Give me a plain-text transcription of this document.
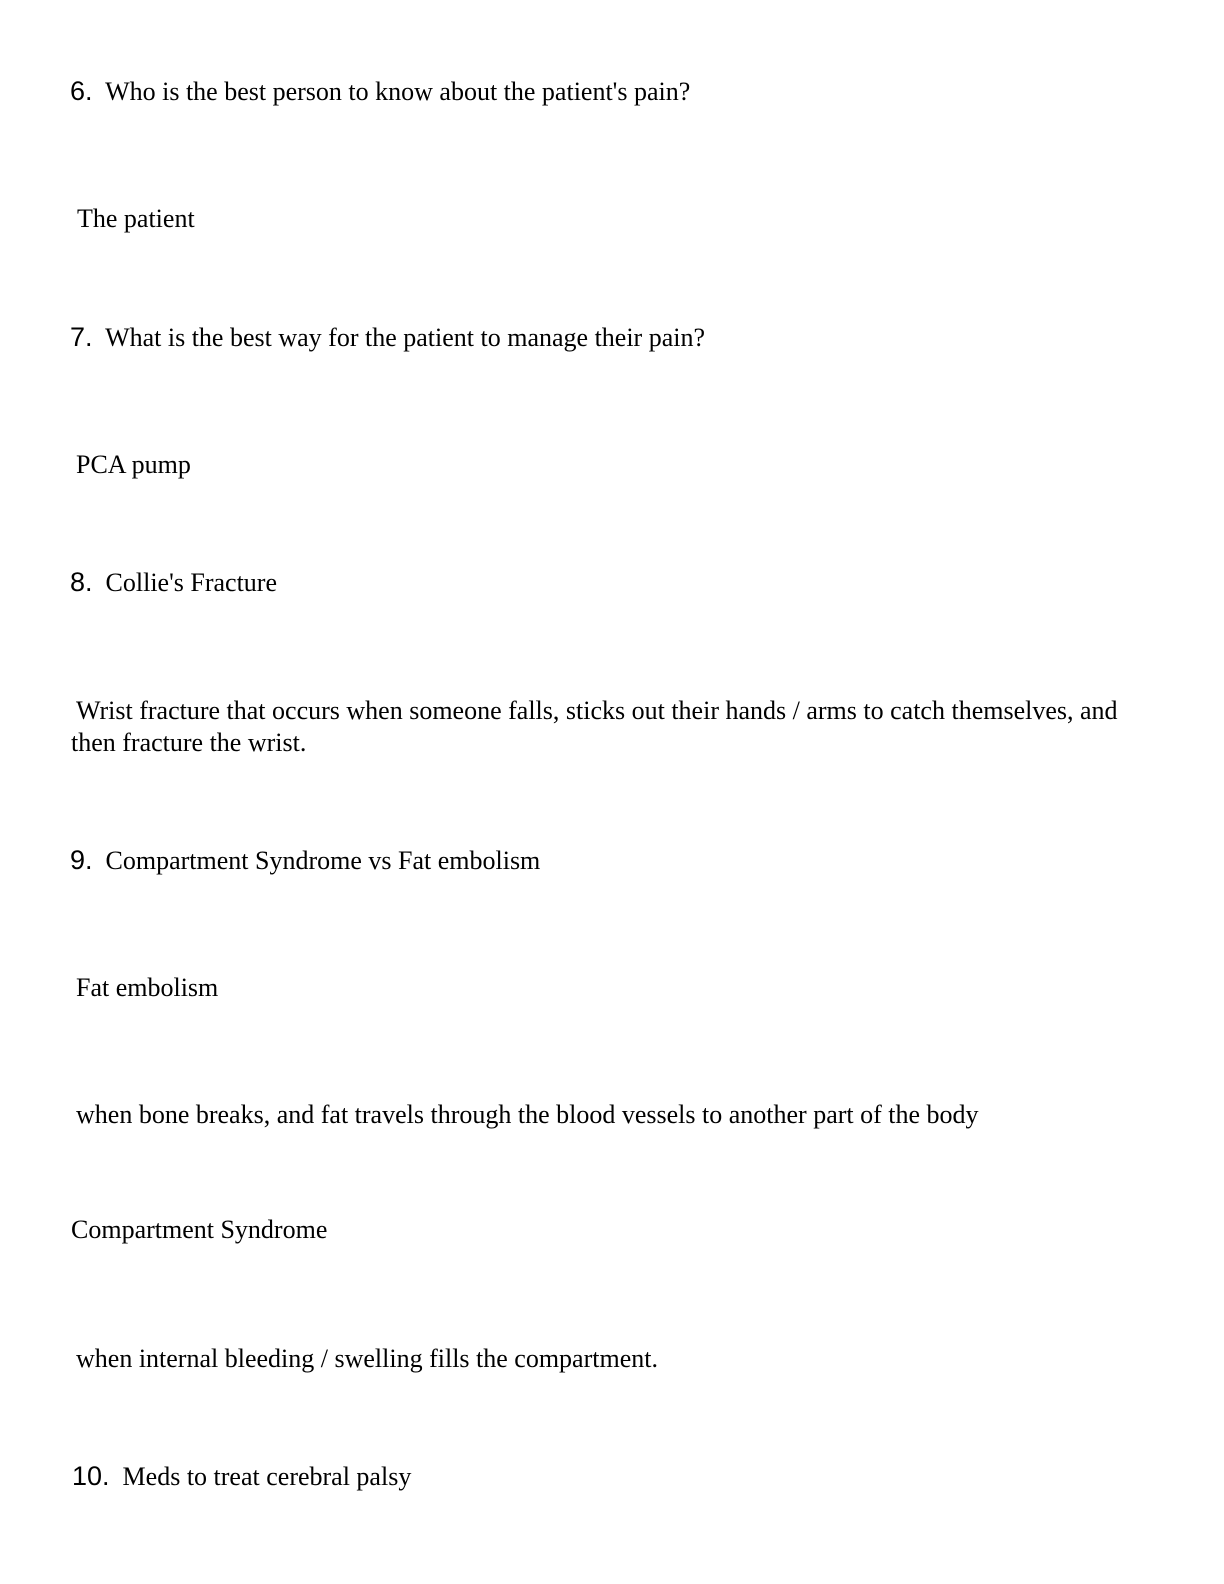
6. Who is the best person to know about the patient's pain?
The patient
7. What is the best way for the patient to manage their pain?
PCA pump
8. Collie's Fracture
Wrist fracture that occurs when someone falls, sticks out their hands / arms to catch themselves, and then fracture the wrist.
9. Compartment Syndrome vs Fat embolism
Fat embolism
when bone breaks, and fat travels through the blood vessels to another part of the body
Compartment Syndrome
when internal bleeding / swelling fills the compartment.
10. Meds to treat cerebral palsy
